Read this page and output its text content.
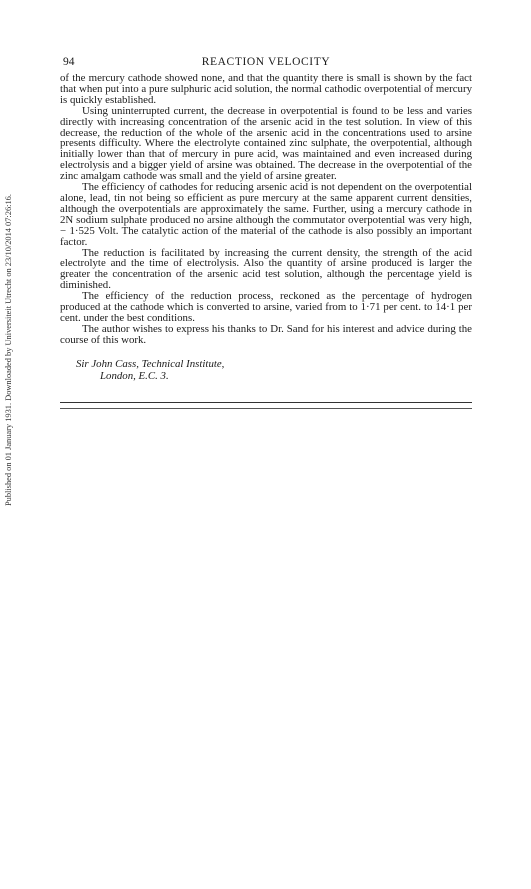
Published on 01 January 1931. Downloaded by Universiteit Utrecht on 23/10/2014 07:26:16.
94	REACTION VELOCITY

of the mercury cathode showed none, and that the quantity there is small is shown by the fact that when put into a pure sulphuric acid solution, the normal cathodic overpotential of mercury is quickly established.

Using uninterrupted current, the decrease in overpotential is found to be less and varies directly with increasing concentration of the arsenic acid in the test solution. In view of this decrease, the reduction of the whole of the arsenic acid in the concentrations used to arsine presents difficulty. Where the electrolyte contained zinc sulphate, the overpotential, although initially lower than that of mercury in pure acid, was maintained and even increased during electrolysis and a bigger yield of arsine was obtained. The decrease in the overpotential of the zinc amalgam cathode was small and the yield of arsine greater.

The efficiency of cathodes for reducing arsenic acid is not dependent on the overpotential alone, lead, tin not being so efficient as pure mercury at the same apparent current densities, although the overpotentials are approximately the same. Further, using a mercury cathode in 2N sodium sulphate produced no arsine although the commutator overpotential was very high, − 1·525 Volt. The catalytic action of the material of the cathode is also possibly an important factor.

The reduction is facilitated by increasing the current density, the strength of the acid electrolyte and the time of electrolysis. Also the quantity of arsine produced is larger the greater the concentration of the arsenic acid test solution, although the percentage yield is diminished.

The efficiency of the reduction process, reckoned as the percentage of hydrogen produced at the cathode which is converted to arsine, varied from to 1·71 per cent. to 14·1 per cent. under the best conditions.

The author wishes to express his thanks to Dr. Sand for his interest and advice during the course of this work.

Sir John Cass, Technical Institute,
London, E.C. 3.
